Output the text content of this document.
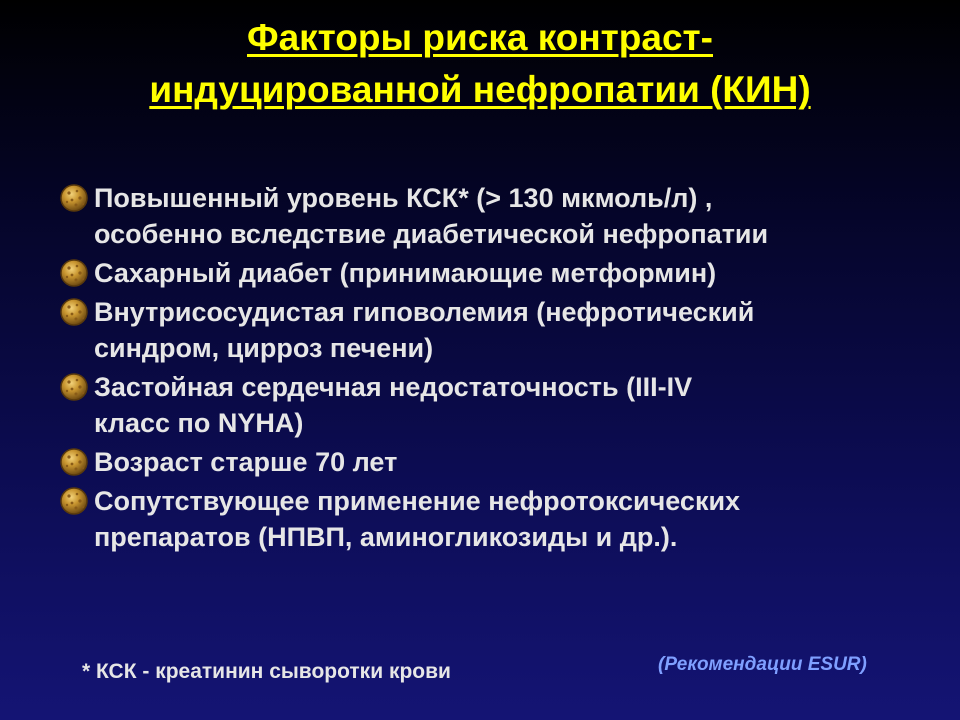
Факторы риска контраст-
индуцированной нефропатии (КИН)
Повышенный уровень КСК* (> 130 мкмоль/л) ,
особенно вследствие диабетической нефропатии
Сахарный диабет (принимающие метформин)
Внутрисосудистая гиповолемия (нефротический
синдром, цирроз печени)
Застойная сердечная недостаточность (III-IV
класс по NYHA)
Возраст старше 70 лет
Сопутствующее применение нефротоксических
препаратов (НПВП, аминогликозиды и др.).
* КСК - креатинин сыворотки крови	(Рекомендации ESUR)
